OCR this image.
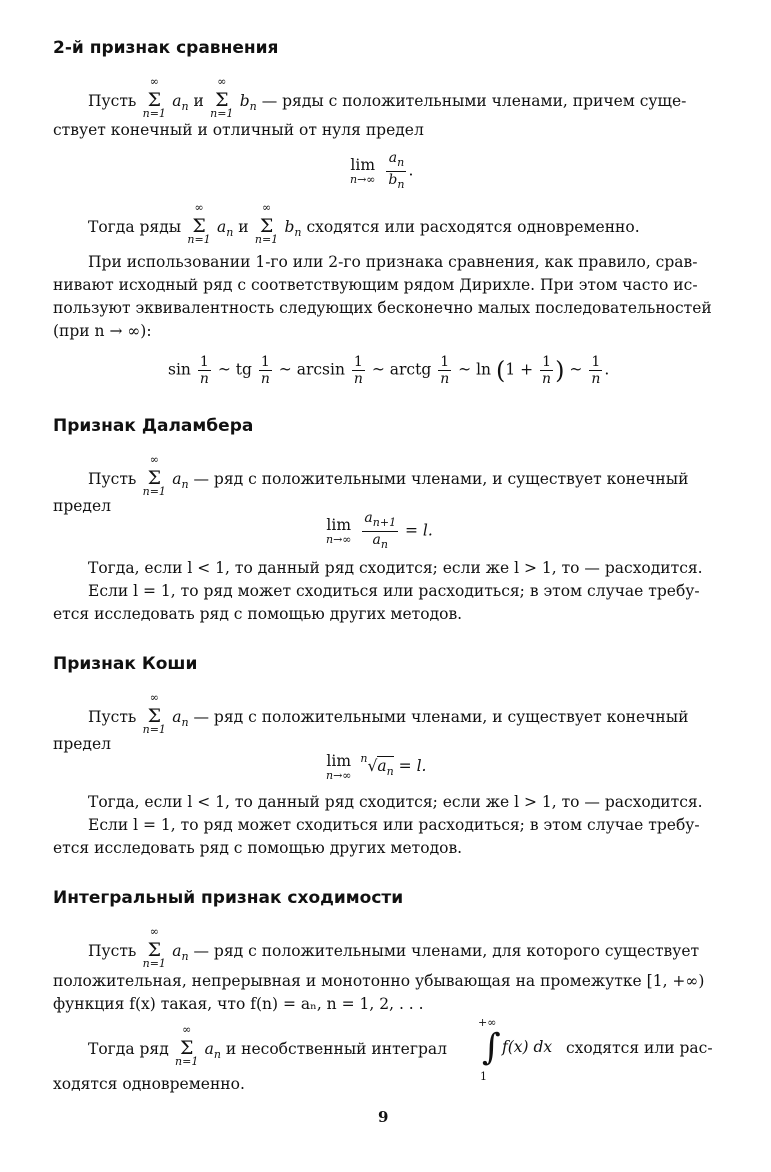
2-й признак сравнения
Пусть
∞
Σ
n=1
$a_n$ и
∞
Σ
n=1
$b_n$ — ряды с положительными членами, причем суще-
ствует конечный и отличный от нуля предел
lim
n→∞
$\frac{a_n}{b_n}$ .
Тогда ряды
∞
Σ
n=1
$a_n$ и
∞
Σ
n=1
$b_n$ сходятся или расходятся одновременно.
При использовании 1-го или 2-го признака сравнения, как правило, срав-
нивают исходный ряд с соответствующим рядом Дирихле. При этом часто ис-
пользуют эквивалентность следующих бесконечно малых последовательностей
(при n → ∞):
$\sin \frac{1}{n}$ ~ tg $\frac{1}{n}$ ~ $\arcsin \frac{1}{n}$ ~ arctg $\frac{1}{n}$ ~ $\ln (1 + \frac{1}{n}$ ) ~ $\frac{1}{n}$ .
Признак Даламбера
Пусть
∞
Σ
n=1
$a_n$ — ряд с положительными членами, и существует конечный
предел
lim
n→∞
$\frac{a_{n+1}}{a_n} = l$.
Тогда, если l < 1, то данный ряд сходится; если же l > 1, то — расходится.
Если l = 1, то ряд может сходиться или расходиться; в этом случае требу-
ется исследовать ряд с помощью других методов.
Признак Коши
Пусть
∞
Σ
n=1
$a_n$ — ряд с положительными членами, и существует конечный
предел
lim
n→∞
$^n√a_n = l$.
Тогда, если l < 1, то данный ряд сходится; если же l > 1, то — расходится.
Если l = 1, то ряд может сходиться или расходиться; в этом случае требу-
ется исследовать ряд с помощью других методов.
Интегральный признак сходимости
Пусть
∞
Σ
n=1
$a_n$ — ряд с положительными членами, для которого существует
положительная, непрерывная и монотонно убывающая на промежутке [1, +∞)
функция f(x) такая, что f(n) = aₙ, n = 1, 2, . . .
Тогда ряд
∞
Σ
n=1
$a_n$ и несобственный интеграл
+∞
∫
1
f(x) dx сходятся или рас-
ходятся одновременно.
9
